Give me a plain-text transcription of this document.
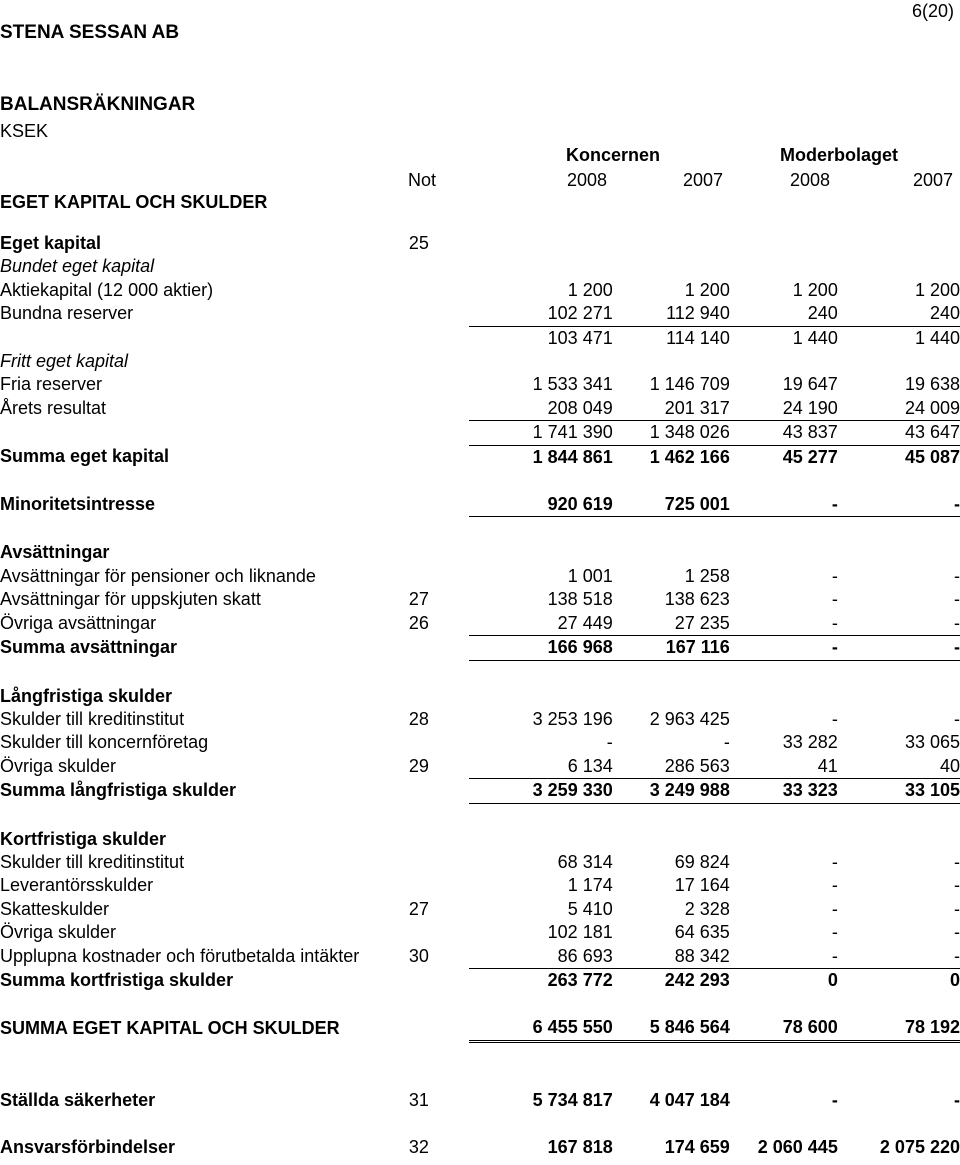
STENA SESSAN AB
6(20)
BALANSRÄKNINGAR
KSEK
Koncernen	Moderbolaget
Not	2008	2007	2008	2007
EGET KAPITAL OCH SKULDER
Eget kapital	25				
Bundet eget kapital					
Aktiekapital (12 000 aktier)		1 200	1 200	1 200	1 200
Bundna reserver		102 271	112 940	240	240
		103 471	114 140	1 440	1 440
Fritt eget kapital					
Fria reserver		1 533 341	1 146 709	19 647	19 638
Årets resultat		208 049	201 317	24 190	24 009
		1 741 390	1 348 026	43 837	43 647
Summa eget kapital		1 844 861	1 462 166	45 277	45 087

Minoritetsintresse		920 619	725 001	-	-

Avsättningar					
Avsättningar för pensioner och liknande		1 001	1 258	-	-
Avsättningar för uppskjuten skatt	27	138 518	138 623	-	-
Övriga avsättningar	26	27 449	27 235	-	-
Summa avsättningar		166 968	167 116	-	-

Långfristiga skulder					
Skulder till kreditinstitut	28	3 253 196	2 963 425	-	-
Skulder till koncernföretag		-	-	33 282	33 065
Övriga skulder	29	6 134	286 563	41	40
Summa långfristiga skulder		3 259 330	3 249 988	33 323	33 105

Kortfristiga skulder					
Skulder till kreditinstitut		68 314	69 824	-	-
Leverantörsskulder		1 174	17 164	-	-
Skatteskulder	27	5 410	2 328	-	-
Övriga skulder		102 181	64 635	-	-
Upplupna kostnader och förutbetalda intäkter	30	86 693	88 342	-	-
Summa kortfristiga skulder		263 772	242 293	0	0

SUMMA EGET KAPITAL OCH SKULDER		6 455 550	5 846 564	78 600	78 192

Ställda säkerheter	31	5 734 817	4 047 184	-	-

Ansvarsförbindelser	32	167 818	174 659	2 060 445	2 075 220
